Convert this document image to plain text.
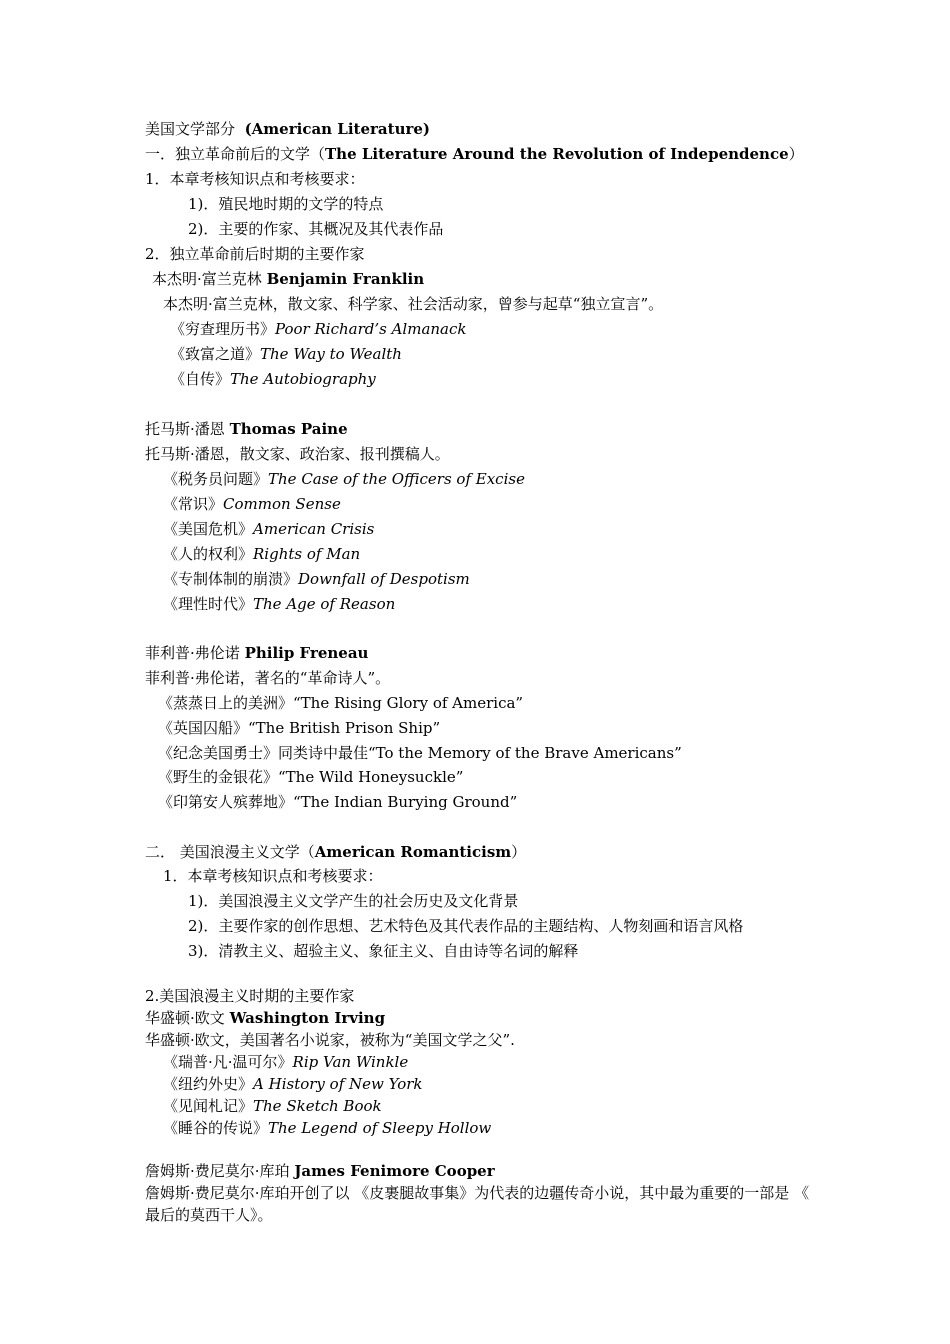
美国文学部分 (American Literature)
一．独立革命前后的文学（The Literature Around the Revolution of Independence）
1．本章考核知识点和考核要求：
1)．殖民地时期的文学的特点
2)．主要的作家、其概况及其代表作品
2．独立革命前后时期的主要作家
本杰明·富兰克林 Benjamin Franklin
本杰明·富兰克林，散文家、科学家、社会活动家，曾参与起草“独立宣言”。
《穷查理历书》Poor Richard’s Almanack
《致富之道》The Way to Wealth
《自传》The Autobiography
托马斯·潘恩 Thomas Paine
托马斯·潘恩，散文家、政治家、报刊撰稿人。
《税务员问题》The Case of the Officers of Excise
《常识》Common Sense
《美国危机》American Crisis
《人的权利》Rights of Man
《专制体制的崩溃》Downfall of Despotism
《理性时代》The Age of Reason
菲利普·弗伦诺 Philip Freneau
菲利普·弗伦诺，著名的“革命诗人”。
《蒸蒸日上的美洲》“The Rising Glory of America”
《英国囚船》“The British Prison Ship”
《纪念美国勇士》同类诗中最佳“To the Memory of the Brave Americans”
《野生的金银花》“The Wild Honeysuckle”
《印第安人殡葬地》“The Indian Burying Ground”
二． 美国浪漫主义文学（American Romanticism）
1．本章考核知识点和考核要求：
1)．美国浪漫主义文学产生的社会历史及文化背景
2)．主要作家的创作思想、艺术特色及其代表作品的主题结构、人物刻画和语言风格
3)．清教主义、超验主义、象征主义、自由诗等名词的解释
2.美国浪漫主义时期的主要作家
华盛顿·欧文 Washington Irving
华盛顿·欧文，美国著名小说家，被称为“美国文学之父”.
《瑞普·凡·温可尔》Rip Van Winkle
《纽约外史》A History of New York
《见闻札记》The Sketch Book
《睡谷的传说》The Legend of Sleepy Hollow
詹姆斯·费尼莫尔·库珀 James Fenimore Cooper
詹姆斯·费尼莫尔·库珀开创了以 《皮裹腿故事集》为代表的边疆传奇小说，其中最为重要的一部是 《 最后的莫西干人》。
